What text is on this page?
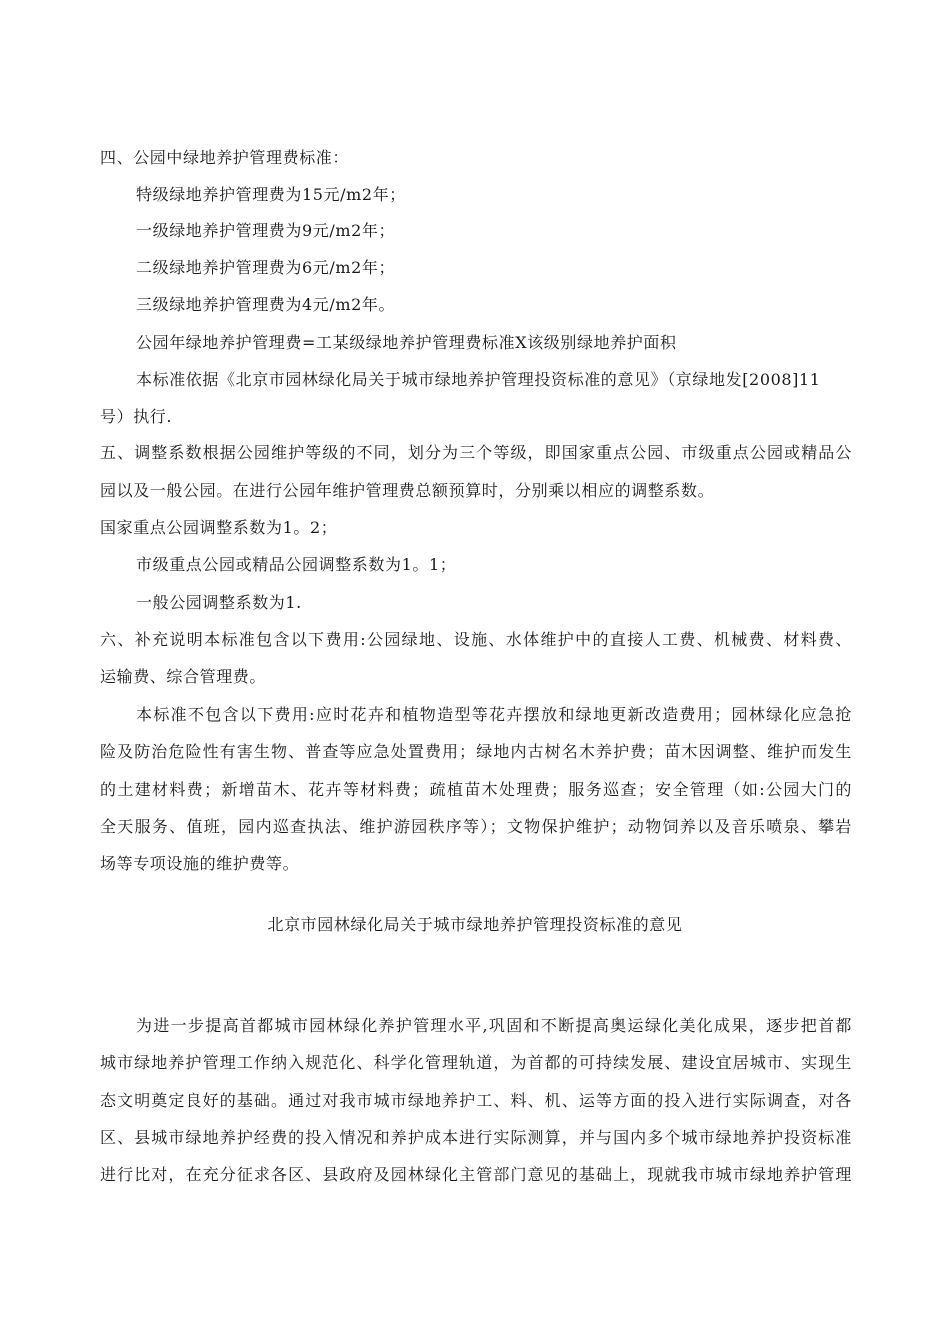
四、公园中绿地养护管理费标准：
特级绿地养护管理费为15元/m2年；
一级绿地养护管理费为9元/m2年；
二级绿地养护管理费为6元/m2年；
三级绿地养护管理费为4元/m2年。
公园年绿地养护管理费=工某级绿地养护管理费标准X该级别绿地养护面积
本标准依据《北京市园林绿化局关于城市绿地养护管理投资标准的意见》（京绿地发[2008]11
号）执行.
五、调整系数根据公园维护等级的不同，划分为三个等级，即国家重点公园、市级重点公园或精品公
园以及一般公园。在进行公园年维护管理费总额预算时，分别乘以相应的调整系数。
国家重点公园调整系数为1。2；
市级重点公园或精品公园调整系数为1。1；
一般公园调整系数为1.
六、补充说明本标准包含以下费用:公园绿地、设施、水体维护中的直接人工费、机械费、材料费、
运输费、综合管理费。
本标准不包含以下费用:应时花卉和植物造型等花卉摆放和绿地更新改造费用；园林绿化应急抢
险及防治危险性有害生物、普查等应急处置费用；绿地内古树名木养护费；苗木因调整、维护而发生
的土建材料费；新增苗木、花卉等材料费；疏植苗木处理费；服务巡查；安全管理（如:公园大门的
全天服务、值班，园内巡查执法、维护游园秩序等）；文物保护维护；动物饲养以及音乐喷泉、攀岩
场等专项设施的维护费等。
北京市园林绿化局关于城市绿地养护管理投资标准的意见
为进一步提高首都城市园林绿化养护管理水平,巩固和不断提高奥运绿化美化成果，逐步把首都
城市绿地养护管理工作纳入规范化、科学化管理轨道，为首都的可持续发展、建设宜居城市、实现生
态文明奠定良好的基础。通过对我市城市绿地养护工、料、机、运等方面的投入进行实际调查，对各
区、县城市绿地养护经费的投入情况和养护成本进行实际测算，并与国内多个城市绿地养护投资标准
进行比对，在充分征求各区、县政府及园林绿化主管部门意见的基础上，现就我市城市绿地养护管理
